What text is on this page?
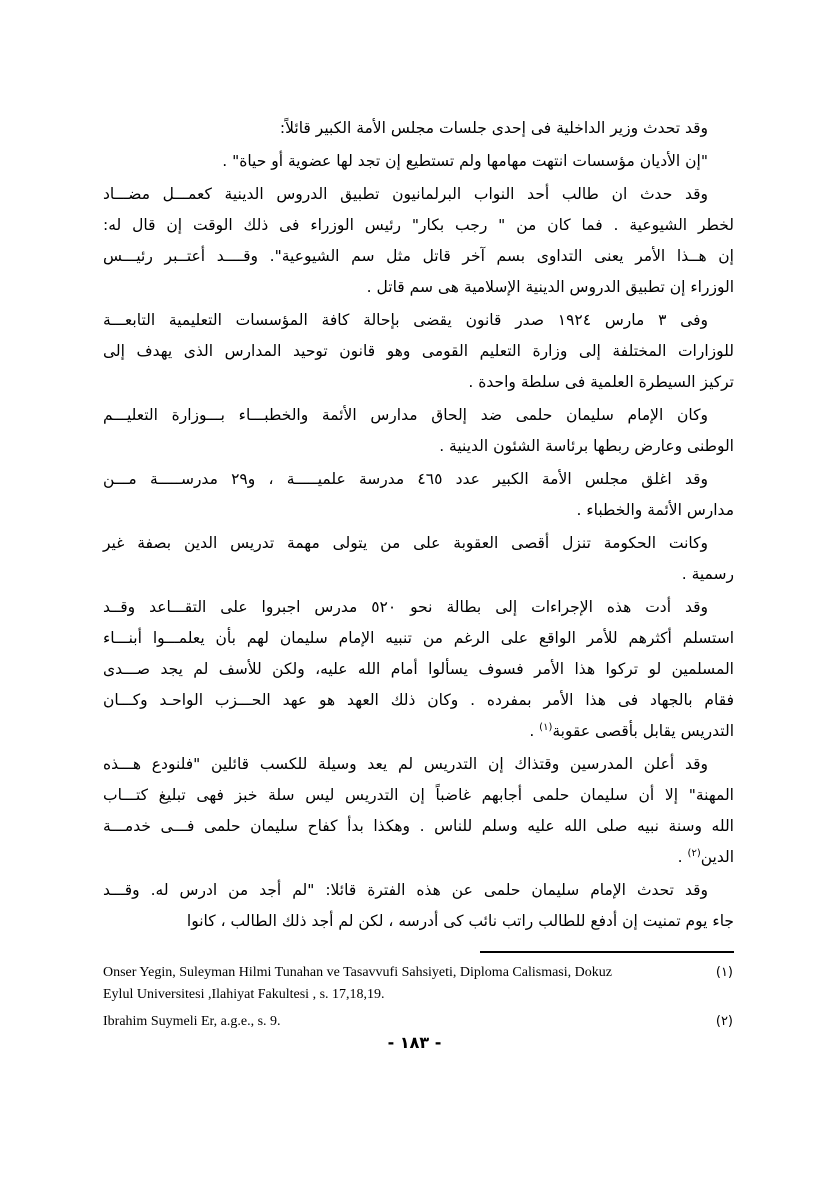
وقد تحدث وزير الداخلية فى إحدى جلسات مجلس الأمة الكبير قائلاً:
"إن الأديان مؤسسات انتهت مهامها ولم تستطيع إن تجد لها عضوية أو حياة" .
وقد حدث ان طالب أحد النواب البرلمانيون تطبيق الدروس الدينية كعمـــل مضـــاد
لخطر الشيوعية . فما كان من " رجب بكار" رئيس الوزراء فى ذلك الوقت إن قال له:
إن هــذا الأمر يعنى التداوى بسم آخر قاتل مثل سم الشيوعية". وقــــد أعتــبر رئيـــس
الوزراء إن تطبيق الدروس الدينية الإسلامية هى سم قاتل .
وفى ٣ مارس ١٩٢٤ صدر قانون يقضى بإحالة كافة المؤسسات التعليمية التابعـــة
للوزارات المختلفة إلى وزارة التعليم القومى وهو قانون توحيد المدارس الذى يهدف إلى
تركيز السيطرة العلمية فى سلطة واحدة .
وكان الإمام سليمان حلمى ضد إلحاق مدارس الأئمة والخطبـــاء بـــوزارة التعليـــم
الوطنى وعارض ربطها برئاسة الشئون الدينية .
وقد اغلق مجلس الأمة الكبير عدد ٤٦٥ مدرسة علميـــــة ، و٢٩ مدرســـــة مـــن
مدارس الأئمة والخطباء .
وكانت الحكومة تنزل أقصى العقوبة على من يتولى مهمة تدريس الدين بصفة غير
رسمية .
وقد أدت هذه الإجراءات إلى بطالة نحو ٥٢٠ مدرس اجبروا على التقـــاعد وقــد
استسلم أكثرهم للأمر الواقع على الرغم من تنبيه الإمام سليمان لهم بأن يعلمـــوا أبنـــاء
المسلمين لو تركوا هذا الأمر فسوف يسألوا أمام الله عليه، ولكن للأسف لم يجد صـــدى
فقام بالجهاد فى هذا الأمر بمفرده . وكان ذلك العهد هو عهد الحـــزب الواحـد وكـــان
التدريس يقابل بأقصى عقوبة$^{(١)}$ .
وقد أعلن المدرسين وقتذاك إن التدريس لم يعد وسيلة للكسب قائلين "فلنودع هـــذه
المهنة" إلا أن سليمان حلمى أجابهم غاضباً إن التدريس ليس سلة خبز فهى تبليغ كتـــاب
الله وسنة نبيه صلى الله عليه وسلم للناس . وهكذا بدأ كفاح سليمان حلمى فـــى خدمـــة
الدين$^{(٢)}$ .
وقد تحدث الإمام سليمان حلمى عن هذه الفترة قائلا: "لم أجد من ادرس له. وقـــد
جاء يوم تمنيت إن أدفع للطالب راتب نائب كى أدرسه ، لكن لم أجد ذلك الطالب ، كانوا
(١)
Onser Yegin, Suleyman Hilmi Tunahan ve Tasavvufi Sahsiyeti, Diploma Calismasi, Dokuz
Eylul Universitesi ,Ilahiyat Fakultesi , s. 17,18,19.
(٢)
Ibrahim Suymeli Er, a.g.e., s. 9.
- ١٨٣ -
